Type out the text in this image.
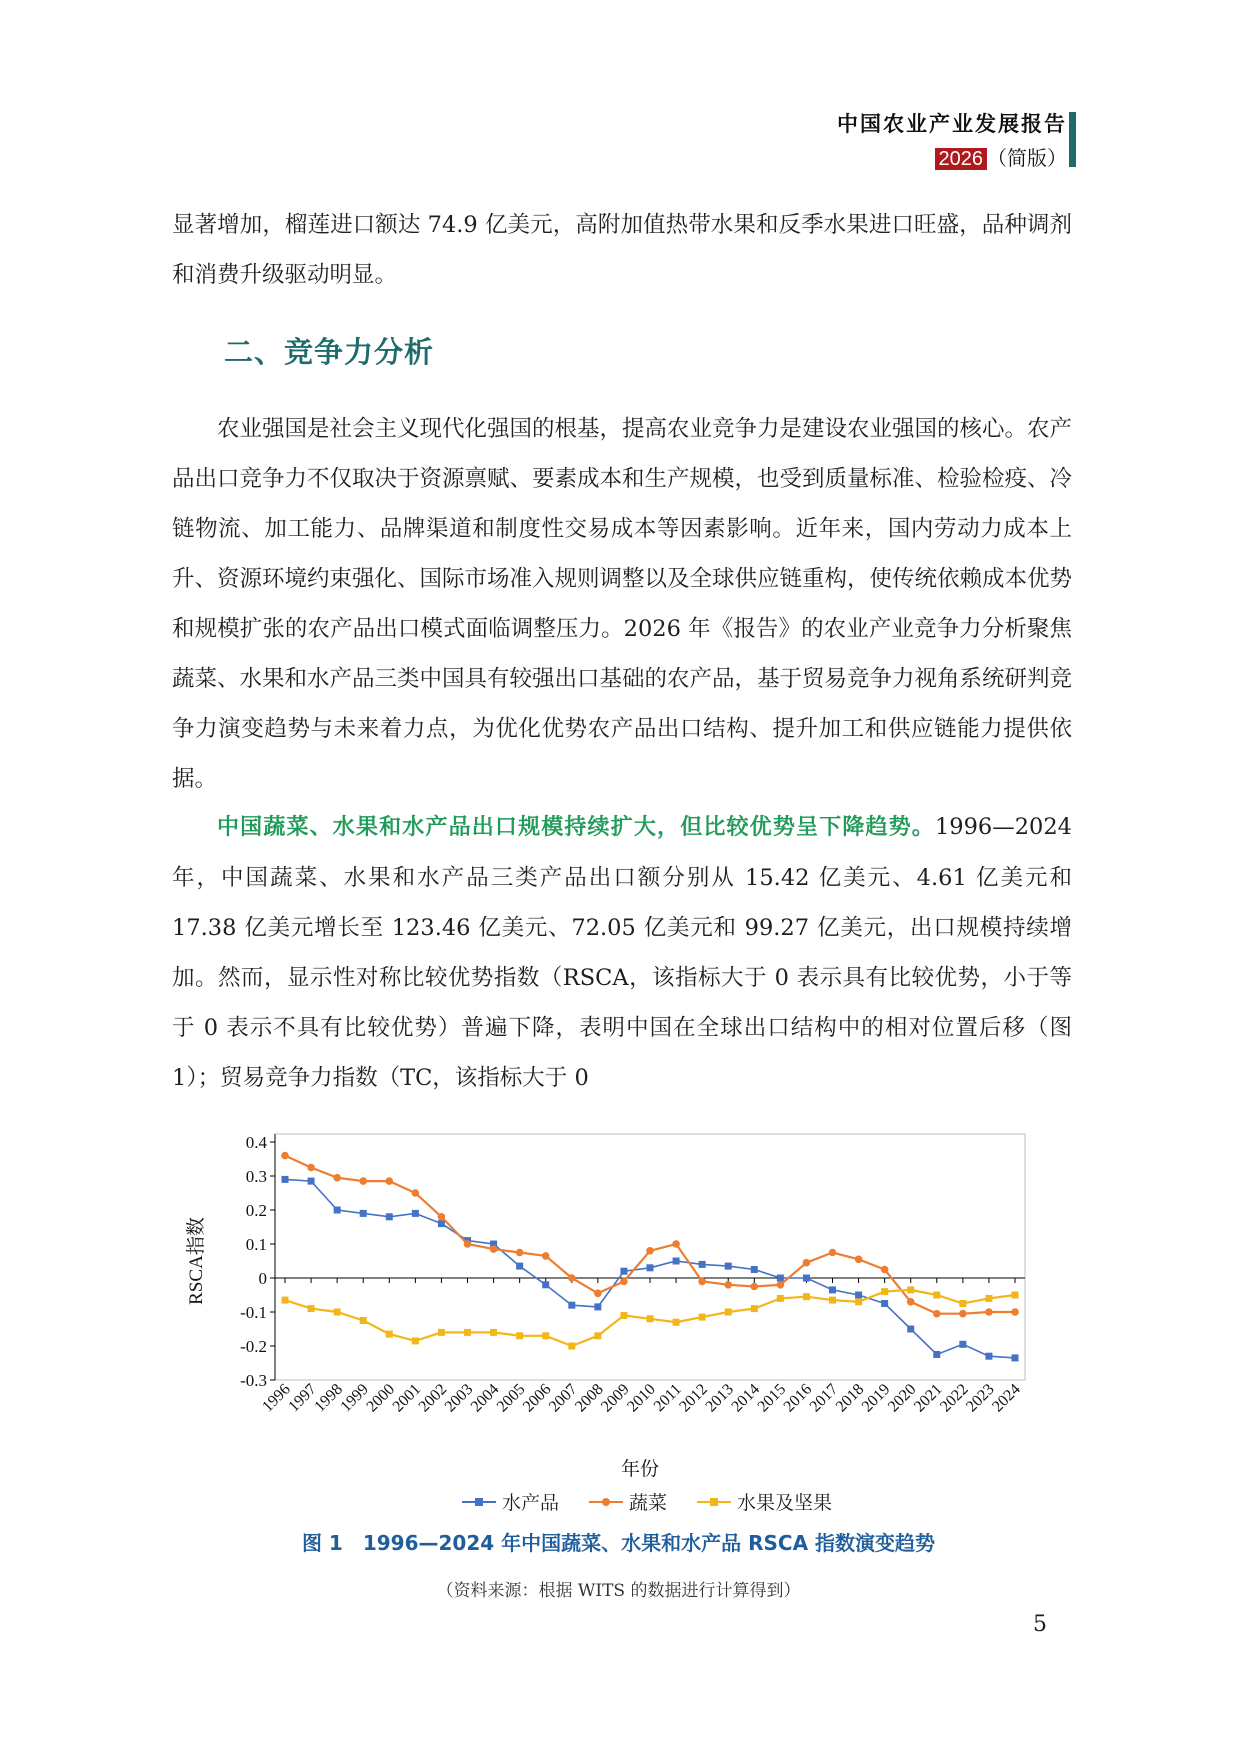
中国农业产业发展报告
2026 （简版）
显著增加，榴莲进口额达 74.9 亿美元，高附加值热带水果和反季水果进口旺盛，品种调剂和消费升级驱动明显。
二、竞争力分析
农业强国是社会主义现代化强国的根基，提高农业竞争力是建设农业强国的核心。农产品出口竞争力不仅取决于资源禀赋、要素成本和生产规模，也受到质量标准、检验检疫、冷链物流、加工能力、品牌渠道和制度性交易成本等因素影响。近年来，国内劳动力成本上升、资源环境约束强化、国际市场准入规则调整以及全球供应链重构，使传统依赖成本优势和规模扩张的农产品出口模式面临调整压力。2026 年《报告》的农业产业竞争力分析聚焦蔬菜、水果和水产品三类中国具有较强出口基础的农产品，基于贸易竞争力视角系统研判竞争力演变趋势与未来着力点，为优化优势农产品出口结构、提升加工和供应链能力提供依据。
中国蔬菜、水果和水产品出口规模持续扩大，但比较优势呈下降趋势。1996—2024 年，中国蔬菜、水果和水产品三类产品出口额分别从 15.42 亿美元、4.61 亿美元和 17.38 亿美元增长至 123.46 亿美元、72.05 亿美元和 99.27 亿美元，出口规模持续增加。然而，显示性对称比较优势指数（RSCA，该指标大于 0 表示具有比较优势，小于等于 0 表示不具有比较优势）普遍下降，表明中国在全球出口结构中的相对位置后移（图 1）；贸易竞争力指数（TC，该指标大于 0
0.4
0.3
0.2
0.1
0
-0.1
-0.2
-0.3
1996
1997
1998
1999
2000
2001
2002
2003
2004
2005
2006
2007
2008
2009
2010
2011
2012
2013
2014
2015
2016
2017
2018
2019
2020
2021
2022
2023
2024
年份
RSCA指数
水产品	蔬菜	水果及坚果
图 1　1996—2024 年中国蔬菜、水果和水产品 RSCA 指数演变趋势
（资料来源：根据 WITS 的数据进行计算得到）
5
